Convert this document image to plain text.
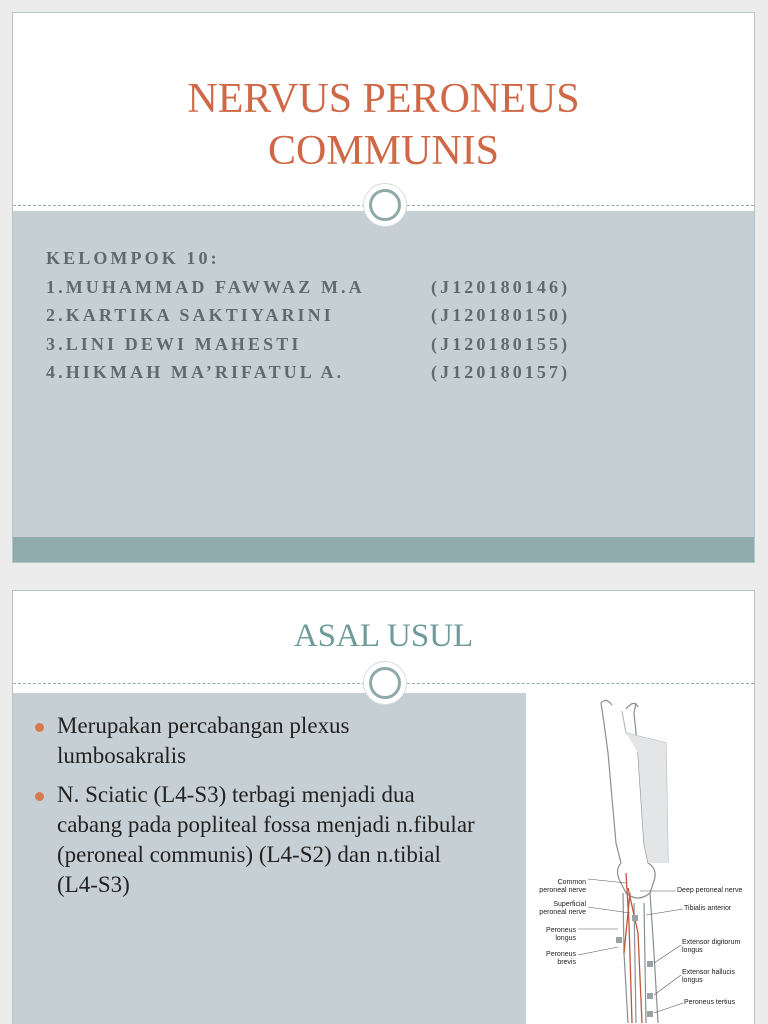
NERVUS PERONEUS
COMMUNIS
KELOMPOK 10:
1.MUHAMMAD FAWWAZ M.A	(J120180146)
2.KARTIKA SAKTIYARINI	(J120180150)
3.LINI DEWI MAHESTI	(J120180155)
4.HIKMAH MA’RIFATUL A.	(J120180157)
ASAL USUL
Common peroneal nerve
Superficial peroneal nerve
Peroneus longus
Peroneus brevis
Deep peroneal nerve
Tibialis anterior
Extensor digitorum longus
Extensor hallucis longus
Peroneus tertius
Merupakan percabangan plexus lumbosakralis
N. Sciatic (L4-S3) terbagi menjadi dua cabang pada popliteal fossa menjadi n.fibular (peroneal communis) (L4-S2) dan n.tibial (L4-S3)
